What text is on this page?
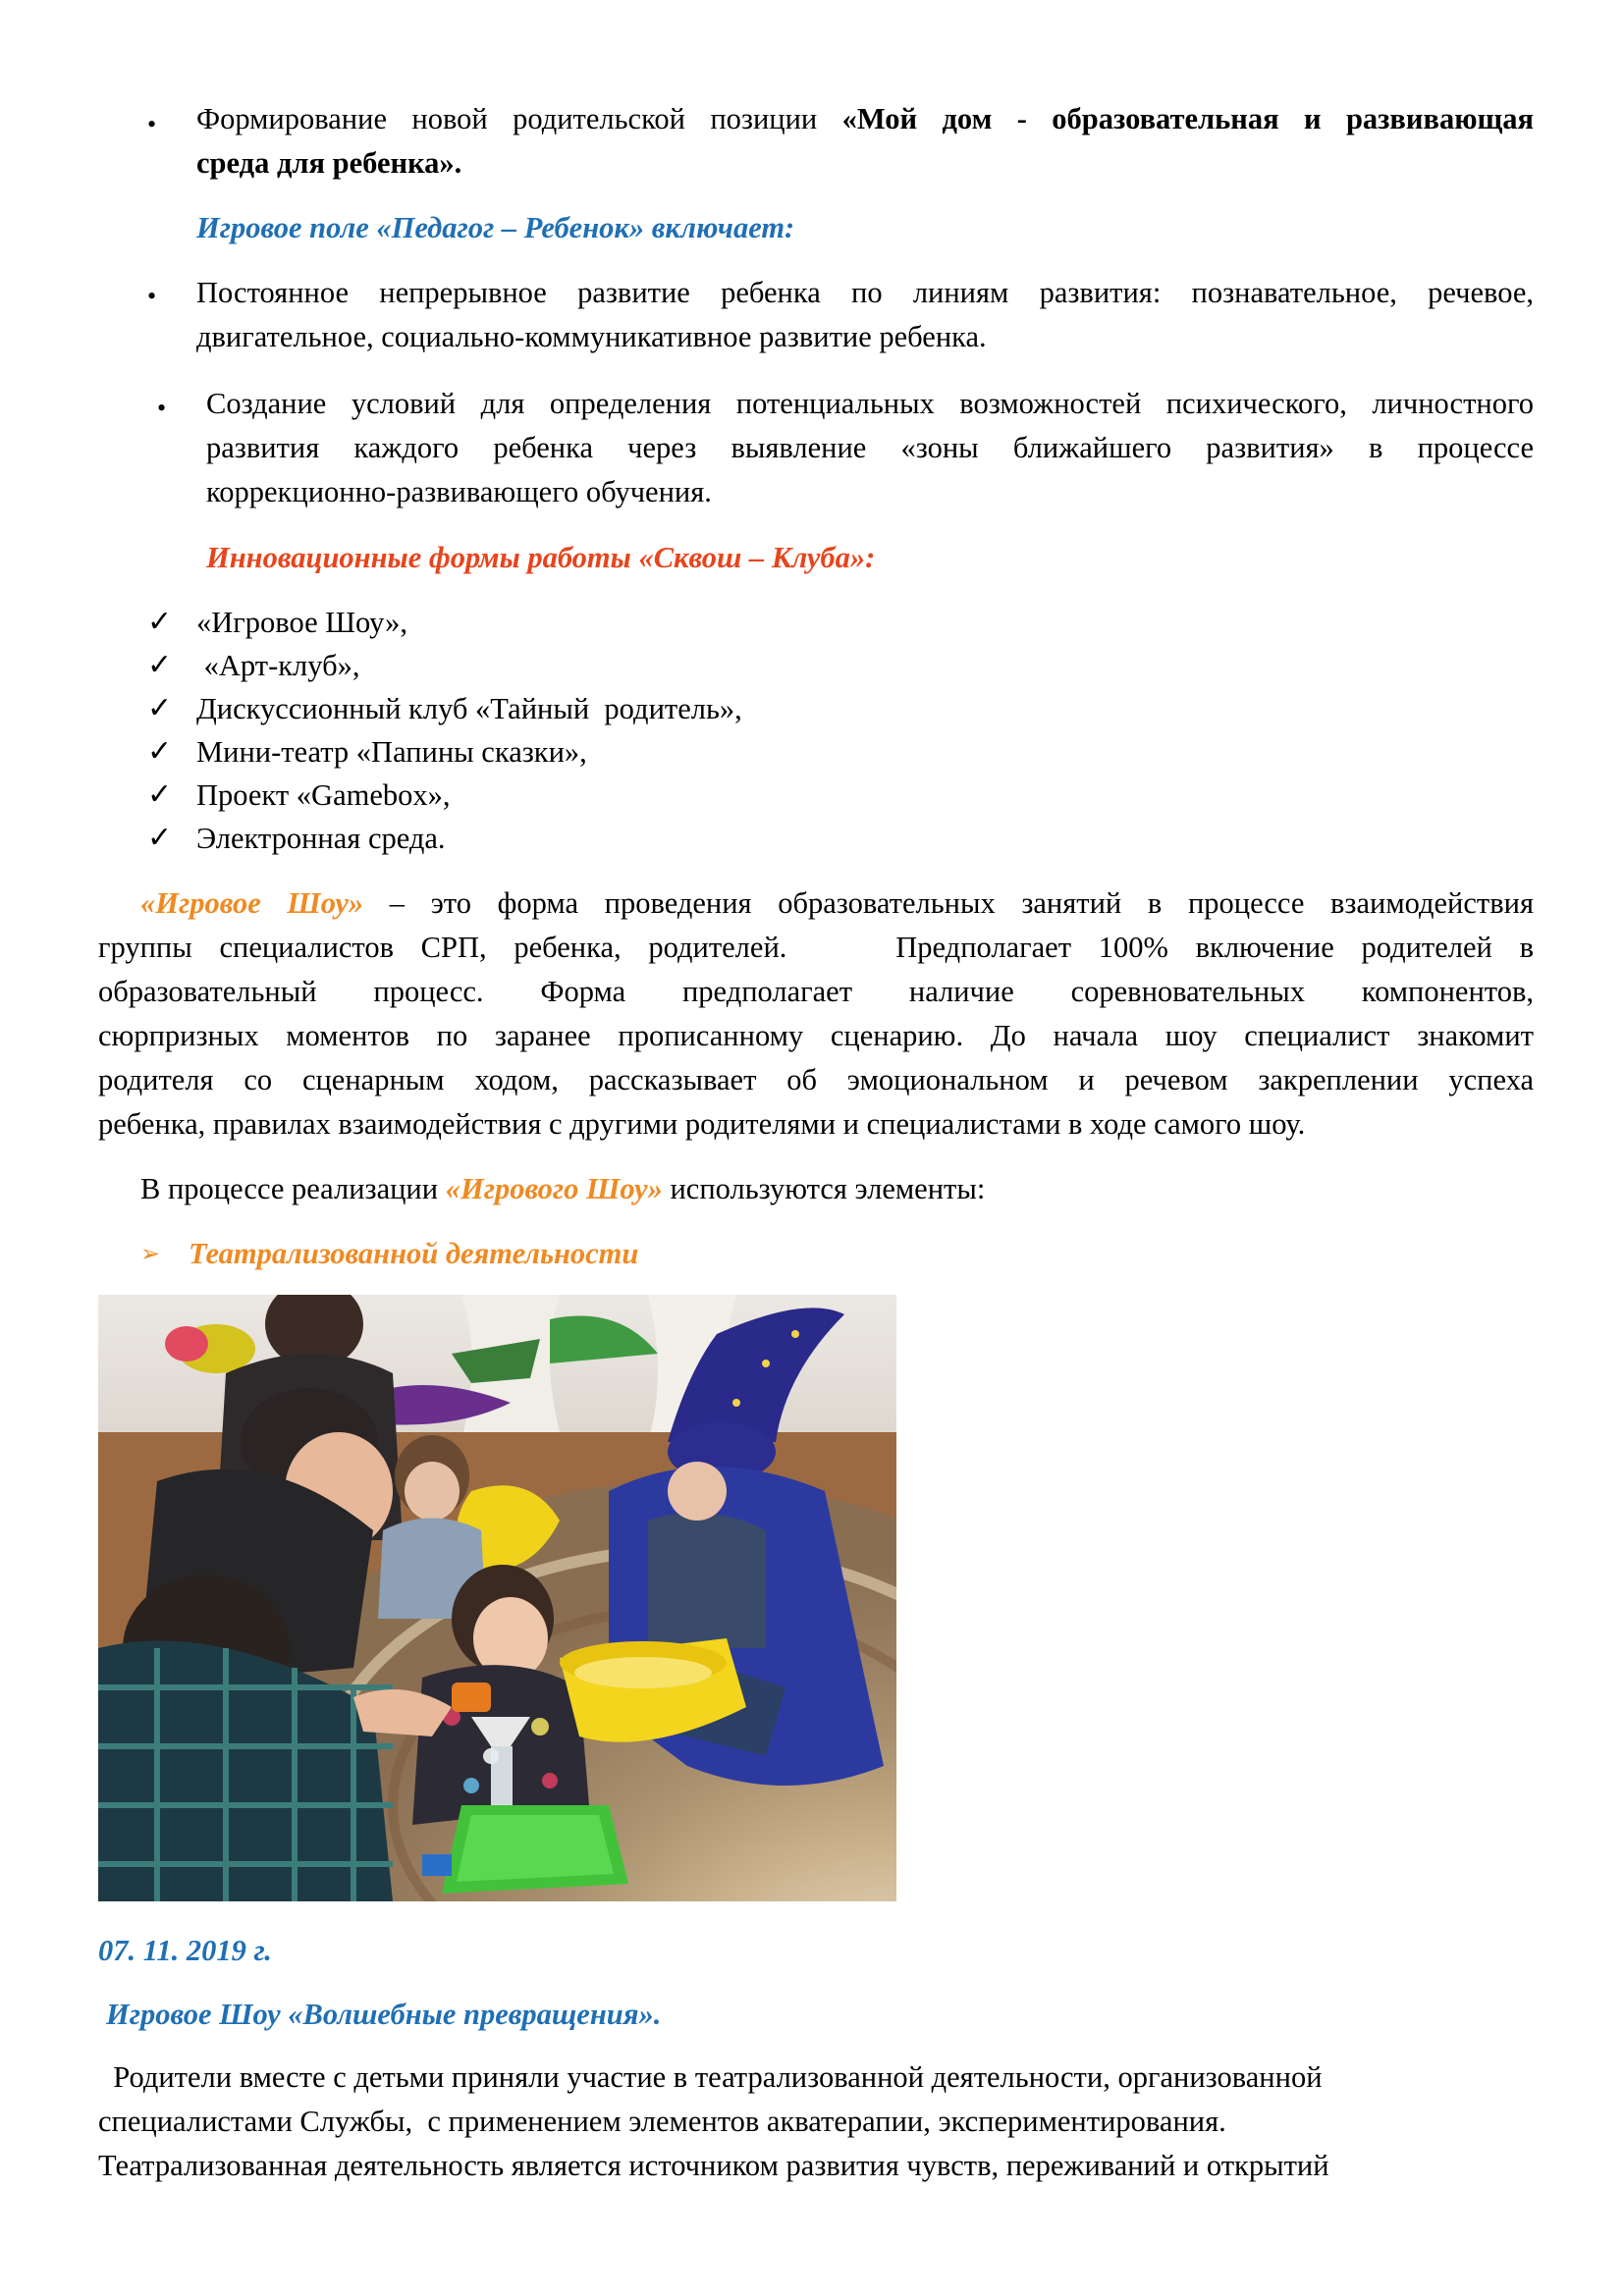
• Формирование новой родительской позиции «Мой дом - образовательная и развивающая
среда для ребенка».
Игровое поле «Педагог – Ребенок» включает:
• Постоянное непрерывное развитие ребенка по линиям развития: познавательное, речевое,
двигательное, социально-коммуникативное развитие ребенка.
• Создание условий для определения потенциальных возможностей психического, личностного
развития каждого ребенка через выявление «зоны ближайшего развития» в процессе
коррекционно-развивающего обучения.
Инновационные формы работы «Сквош – Клуба»:
✓ «Игровое Шоу»,
✓ «Арт-клуб»,
✓ Дискуссионный клуб «Тайный  родитель»,
✓ Мини-театр «Папины сказки»,
✓ Проект «Gamebox»,
✓ Электронная среда.
«Игровое Шоу» – это форма проведения образовательных занятий в процессе взаимодействия
группы специалистов СРП, ребенка, родителей.    Предполагает 100% включение родителей в
образовательный процесс. Форма предполагает наличие соревновательных компонентов,
сюрпризных моментов по заранее прописанному сценарию. До начала шоу специалист знакомит
родителя со сценарным ходом, рассказывает об эмоциональном и речевом закреплении успеха
ребенка, правилах взаимодействия с другими родителями и специалистами в ходе самого шоу.
В процессе реализации «Игрового Шоу» используются элементы:
➢ Театрализованной деятельности
07. 11. 2019 г.
Игровое Шоу «Волшебные превращения».
Родители вместе с детьми приняли участие в театрализованной деятельности, организованной
специалистами Службы,  с применением элементов акватерапии, экспериментирования.
Театрализованная деятельность является источником развития чувств, переживаний и открытий
